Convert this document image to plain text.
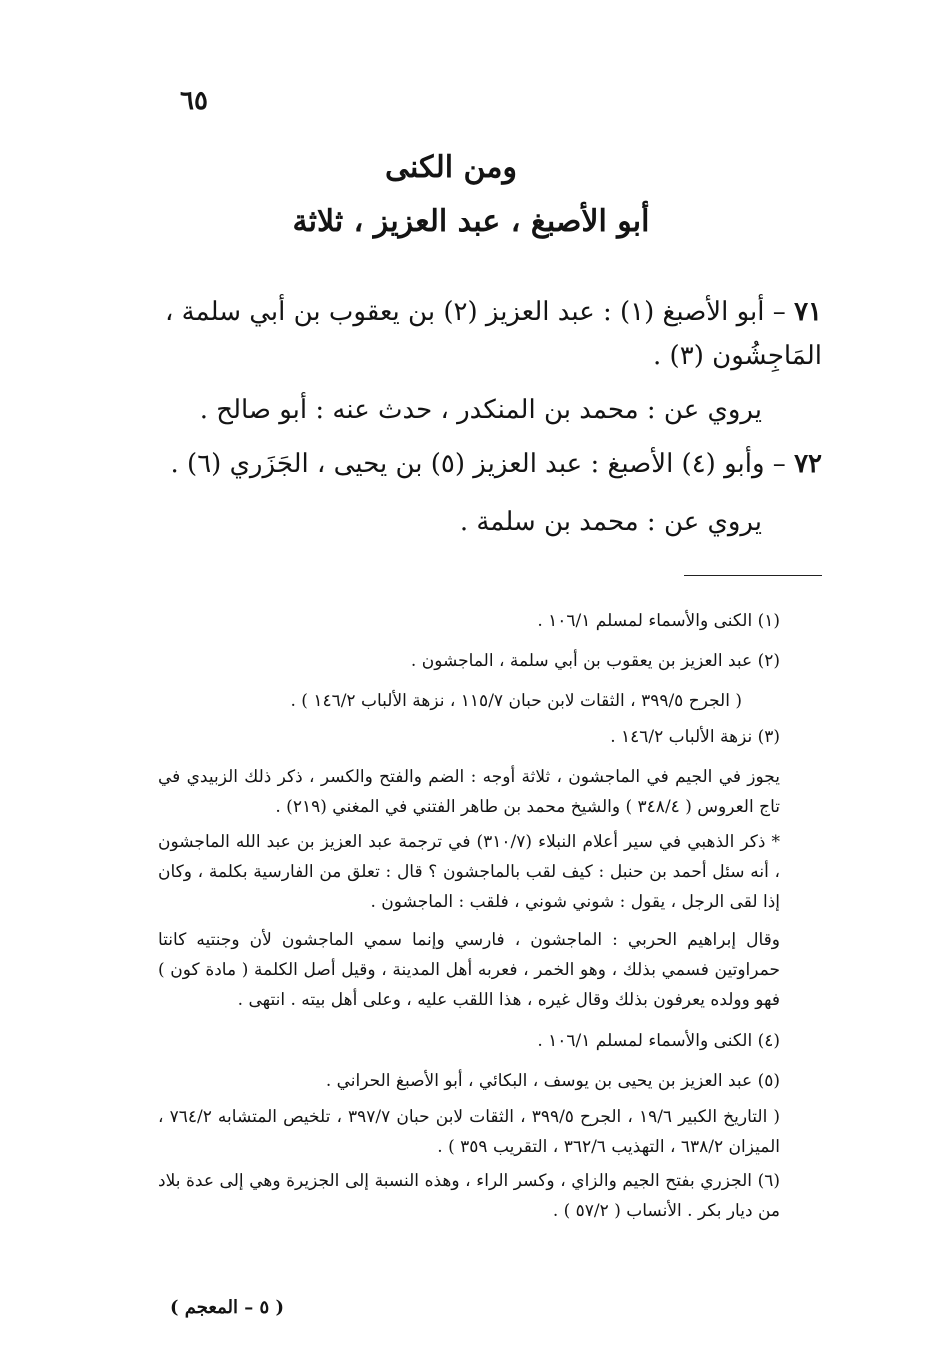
٦٥
ومن الكنى
أبو الأصبغ ، عبد العزيز ، ثلاثة
٧١ – أبو الأصبغ (١) : عبد العزيز (٢) بن يعقوب بن أبي سلمة ،
المَاجِشُون (٣) .
يروي عن : محمد بن المنكدر ، حدث عنه : أبو صالح .
٧٢ – وأبو (٤) الأصبغ : عبد العزيز (٥) بن يحيى ، الجَزَري (٦) .
يروي عن : محمد بن سلمة .
(١) الكنى والأسماء لمسلم ١٠٦/١ .
(٢) عبد العزيز بن يعقوب بن أبي سلمة ، الماجشون .
( الجرح ٣٩٩/٥ ، الثقات لابن حبان ١١٥/٧ ، نزهة الألباب ١٤٦/٢ ) .
(٣) نزهة الألباب ١٤٦/٢ .
يجوز في الجيم في الماجشون ، ثلاثة أوجه : الضم والفتح والكسر ، ذكر ذلك الزبيدي في تاج العروس ( ٣٤٨/٤ ) والشيخ محمد بن طاهر الفتني في المغني (٢١٩) .
* ذكر الذهبي في سير أعلام النبلاء (٣١٠/٧) في ترجمة عبد العزيز بن عبد الله الماجشون ، أنه سئل أحمد بن حنبل : كيف لقب بالماجشون ؟ قال : تعلق من الفارسية بكلمة ، وكان إذا لقى الرجل ، يقول : شوني شوني ، فلقب : الماجشون .
وقال إبراهيم الحربي : الماجشون ، فارسي وإنما سمي الماجشون لأن وجنتيه كانتا حمراوتين فسمي بذلك ، وهو الخمر ، فعربه أهل المدينة ، وقيل أصل الكلمة ( مادة كون ) فهو وولده يعرفون بذلك وقال غيره ، هذا اللقب عليه ، وعلى أهل بيته . انتهى .
(٤) الكنى والأسماء لمسلم ١٠٦/١ .
(٥) عبد العزيز بن يحيى بن يوسف ، البكائي ، أبو الأصبغ الحراني .
( التاريخ الكبير ١٩/٦ ، الجرح ٣٩٩/٥ ، الثقات لابن حبان ٣٩٧/٧ ، تلخيص المتشابه ٧٦٤/٢ ، الميزان ٦٣٨/٢ ، التهذيب ٣٦٢/٦ ، التقريب ٣٥٩ ) .
(٦) الجزري بفتح الجيم والزاي ، وكسر الراء ، وهذه النسبة إلى الجزيرة وهي إلى عدة بلاد من ديار بكر . الأنساب ( ٥٧/٢ ) .
( ٥ – المعجم )
